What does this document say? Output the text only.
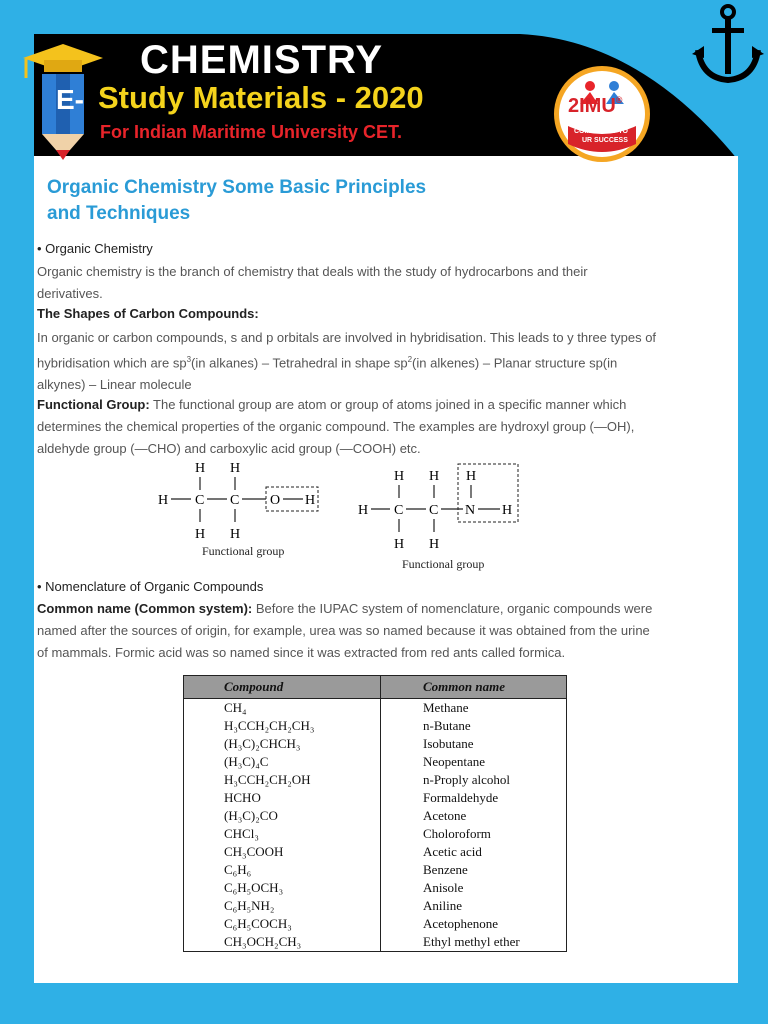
CHEMISTRY
E- Study Materials - 2020
For Indian Maritime University CET.
2IMU®
COMMITTED TO
UR SUCCESS
Organic Chemistry Some Basic Principles
and Techniques
• Organic Chemistry
Organic chemistry is the branch of chemistry that deals with the study of hydrocarbons and their
derivatives.
The Shapes of Carbon Compounds:
In organic or carbon compounds, s and p orbitals are involved in hybridisation. This leads to y three types of
hybridisation which are $sp^3(in$ alkanes) – Tetrahedral in shape $sp^2(in$ alkenes) – Planar structure sp(in
alkynes) – Linear molecule
Functional Group: The functional group are atom or group of atoms joined in a specific manner which
determines the chemical properties of the organic compound. The examples are hydroxyl group (—OH),
aldehyde group (—CHO) and carboxylic acid group (—COOH) etc.
H H
H C C O H
H H
Functional group
H H H
H C C N H
H H
Functional group
• Nomenclature of Organic Compounds
Common name (Common system): Before the IUPAC system of nomenclature, organic compounds were
named after the sources of origin, for example, urea was so named because it was obtained from the urine
of mammals. Formic acid was so named since it was extracted from red ants called formica.
Compound	Common name
CH₄	Methane
H₃CCH₂CH₂CH₃	n-Butane
(H₃C)₂CHCH₃	Isobutane
(H₃C)₄C	Neopentane
H₃CCH₂CH₂OH	n-Proply alcohol
HCHO	Formaldehyde
(H₃C)₂CO	Acetone
CHCl₃	Choloroform
CH₃COOH	Acetic acid
C₆H₆	Benzene
C₆H₅OCH₃	Anisole
C₆H₅NH₂	Aniline
C₆H₅COCH₃	Acetophenone
CH₃OCH₂CH₃	Ethyl methyl ether
